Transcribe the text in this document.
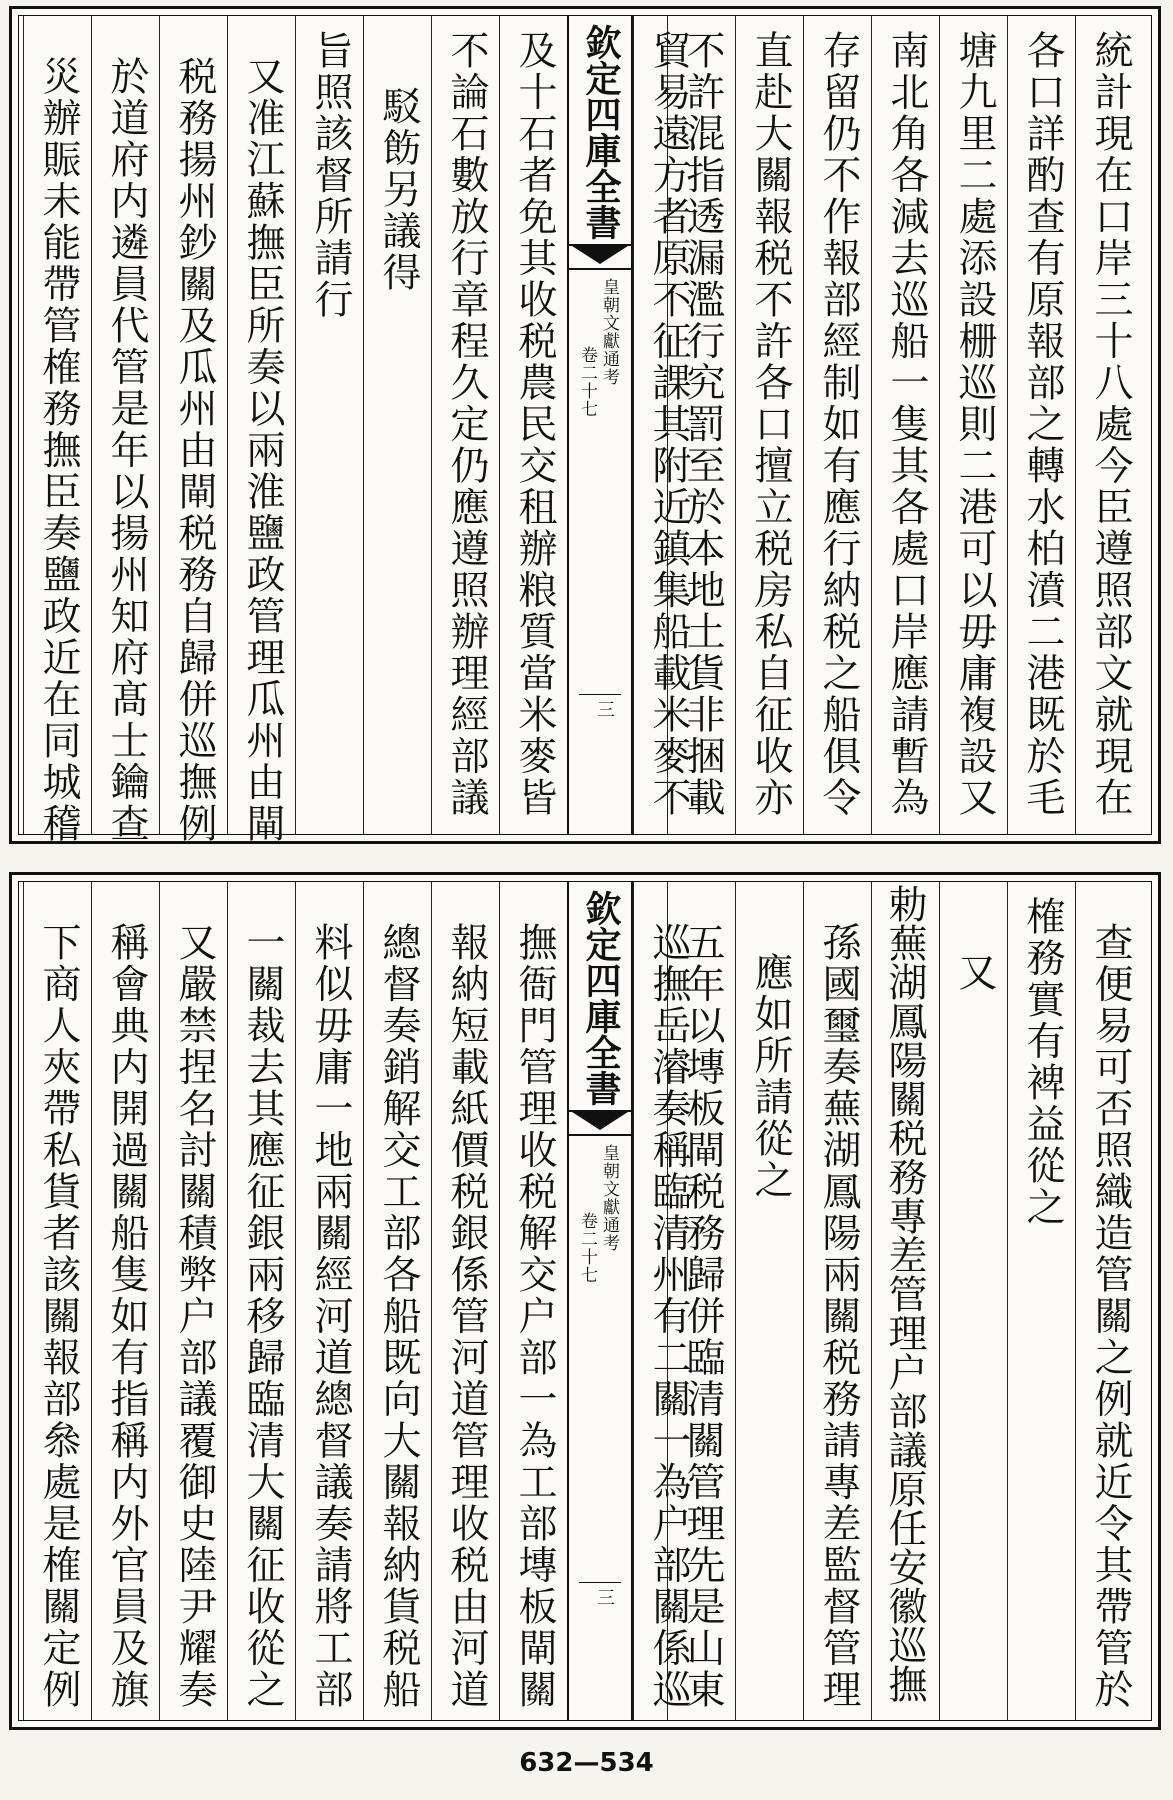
統計現在口岸三十八處今臣遵照部文就現在
各口詳酌查有原報部之轉水柏濆二港既於毛
塘九里二處添設栅巡則二港可以毋庸複設又
南北角各減去巡船一隻其各處口岸應請暫為
存留仍不作報部經制如有應行納税之船俱令
直赴大關報税不許各口擅立税房私自征收亦
不許混指透漏濫行究罰至於本地土貨非捆載
貿易遠方者原不征課其附近鎮集船載米麥不
欽定四庫全書
皇朝文獻通考
卷二十七
三
及十石者免其收税農民交租辦粮質當米麥皆
不論石數放行章程久定仍應遵照辦理經部議
駁飭另議得
旨照該督所請行
又准江蘇撫臣所奏以兩淮鹽政管理瓜州由閘
税務揚州鈔關及瓜州由閘税務自歸併巡撫例
於道府内遴員代管是年以揚州知府髙士鑰查
災辦賑未能帶管榷務撫臣奏鹽政近在同城稽
查便易可否照織造管關之例就近令其帶管於
榷務實有裨益從之
又
勅蕪湖鳳陽關税務專差管理户部議原任安徽巡撫
孫國璽奏蕪湖鳳陽兩關税務請專差監督管理
應如所請從之
五年以塼板閘税務歸併臨清關管理先是山東
巡撫岳濬奏稱臨清州有二關一為户部關係巡
欽定四庫全書
皇朝文獻通考
卷二十七
三
撫衙門管理收税解交户部一為工部塼板閘關
報納短載紙價税銀係管河道管理收税由河道
總督奏銷解交工部各船既向大關報納貨税船
料似毋庸一地兩關經河道總督議奏請將工部
一關裁去其應征銀兩移歸臨清大關征收從之
又嚴禁捏名討關積弊户部議覆御史陸尹耀奏
稱會典内開過關船隻如有指稱内外官員及旗
下商人夾帶私貨者該關報部叅處是榷關定例
632—534
